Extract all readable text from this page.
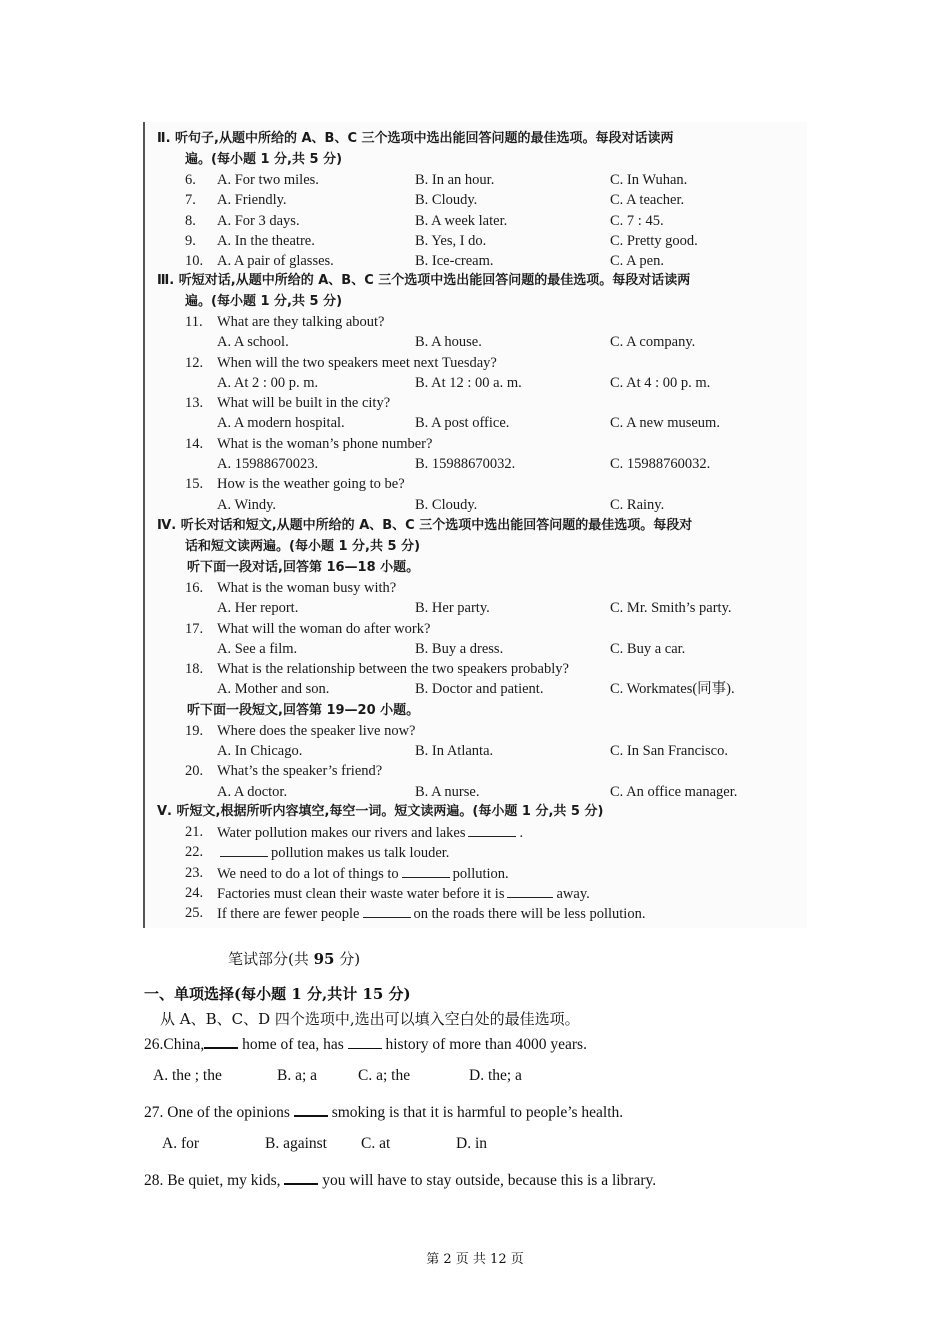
Ⅱ. 听句子,从题中所给的 A、B、C 三个选项中选出能回答问题的最佳选项。每段对话读两
遍。(每小题 1 分,共 5 分)
6. A. For two miles.	B. In an hour.	C. In Wuhan.
7. A. Friendly.	B. Cloudy.	C. A teacher.
8. A. For 3 days.	B. A week later.	C. 7 : 45.
9. A. In the theatre.	B. Yes, I do.	C. Pretty good.
10. A. A pair of glasses.	B. Ice-cream.	C. A pen.
Ⅲ. 听短对话,从题中所给的 A、B、C 三个选项中选出能回答问题的最佳选项。每段对话读两
遍。(每小题 1 分,共 5 分)
11. What are they talking about?
A. A school.	B. A house.	C. A company.
12. When will the two speakers meet next Tuesday?
A. At 2 : 00 p. m.	B. At 12 : 00 a. m.	C. At 4 : 00 p. m.
13. What will be built in the city?
A. A modern hospital.	B. A post office.	C. A new museum.
14. What is the woman’s phone number?
A. 15988670023.	B. 15988670032.	C. 15988760032.
15. How is the weather going to be?
A. Windy.	B. Cloudy.	C. Rainy.
Ⅳ. 听长对话和短文,从题中所给的 A、B、C 三个选项中选出能回答问题的最佳选项。每段对
话和短文读两遍。(每小题 1 分,共 5 分)
听下面一段对话,回答第 16—18 小题。
16. What is the woman busy with?
A. Her report.	B. Her party.	C. Mr. Smith’s party.
17. What will the woman do after work?
A. See a film.	B. Buy a dress.	C. Buy a car.
18. What is the relationship between the two speakers probably?
A. Mother and son.	B. Doctor and patient.	C. Workmates(同事).
听下面一段短文,回答第 19—20 小题。
19. Where does the speaker live now?
A. In Chicago.	B. In Atlanta.	C. In San Francisco.
20. What’s the speaker’s friend?
A. A doctor.	B. A nurse.	C. An office manager.
Ⅴ. 听短文,根据所听内容填空,每空一词。短文读两遍。(每小题 1 分,共 5 分)
21. Water pollution makes our rivers and lakes	.
22.	pollution makes us talk louder.
23. We need to do a lot of things to	pollution.
24. Factories must clean their waste water before it is	away.
25. If there are fewer people	on the roads there will be less pollution.
笔试部分(共 95 分)
一、单项选择(每小题 1 分,共计 15 分)
从 A、B、C、D 四个选项中,选出可以填入空白处的最佳选项。
26.China, home of tea, has  history of more than 4000 years.
A. the ; the	B. a; a	C. a; the	D. the; a
27. One of the opinions  smoking is that it is harmful to people’s health.
A. for	B. against C. at	D. in
28. Be quiet, my kids,  you will have to stay outside, because this is a library.
第 2 页 共 12 页
